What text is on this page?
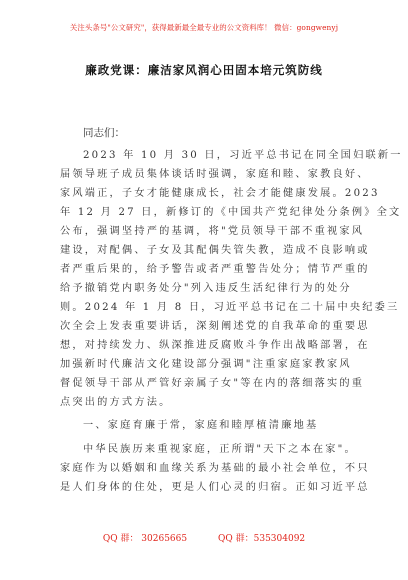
关注头条号"公文研究"，获得最新最全最专业的公文资料库！ 微信：gongwenyj
廉政党课：廉洁家风润心田固本培元筑防线
同志们：
2023 年 10 月 30 日，习近平总书记在同全国妇联新一
届领导班子成员集体谈话时强调，家庭和睦、家教良好、
家风端正，子女才能健康成长，社会才能健康发展。2023
年 12 月 27 日，新修订的《中国共产党纪律处分条例》全文
公布，强调坚持严的基调，将"党员领导干部不重视家风
建设，对配偶、子女及其配偶失管失教，造成不良影响或
者严重后果的，给予警告或者严重警告处分；情节严重的
给予撤销党内职务处分"列入违反生活纪律行为的处分
则。2024 年 1 月 8 日，习近平总书记在二十届中央纪委三
次全会上发表重要讲话，深刻阐述党的自我革命的重要思
想，对持续发力、纵深推进反腐败斗争作出战略部署，在
加强新时代廉洁文化建设部分强调"注重家庭家教家风
督促领导干部从严管好亲属子女"等在内的落细落实的重
点突出的方式方法。
一、家庭育廉于常，家庭和睦厚植清廉地基
中华民族历来重视家庭，正所谓"天下之本在家"。
家庭作为以婚姻和血缘关系为基础的最小社会单位，不只
是人们身体的住处，更是人们心灵的归宿。正如习近平总
QQ 群： 30265665	QQ 群：535304092
